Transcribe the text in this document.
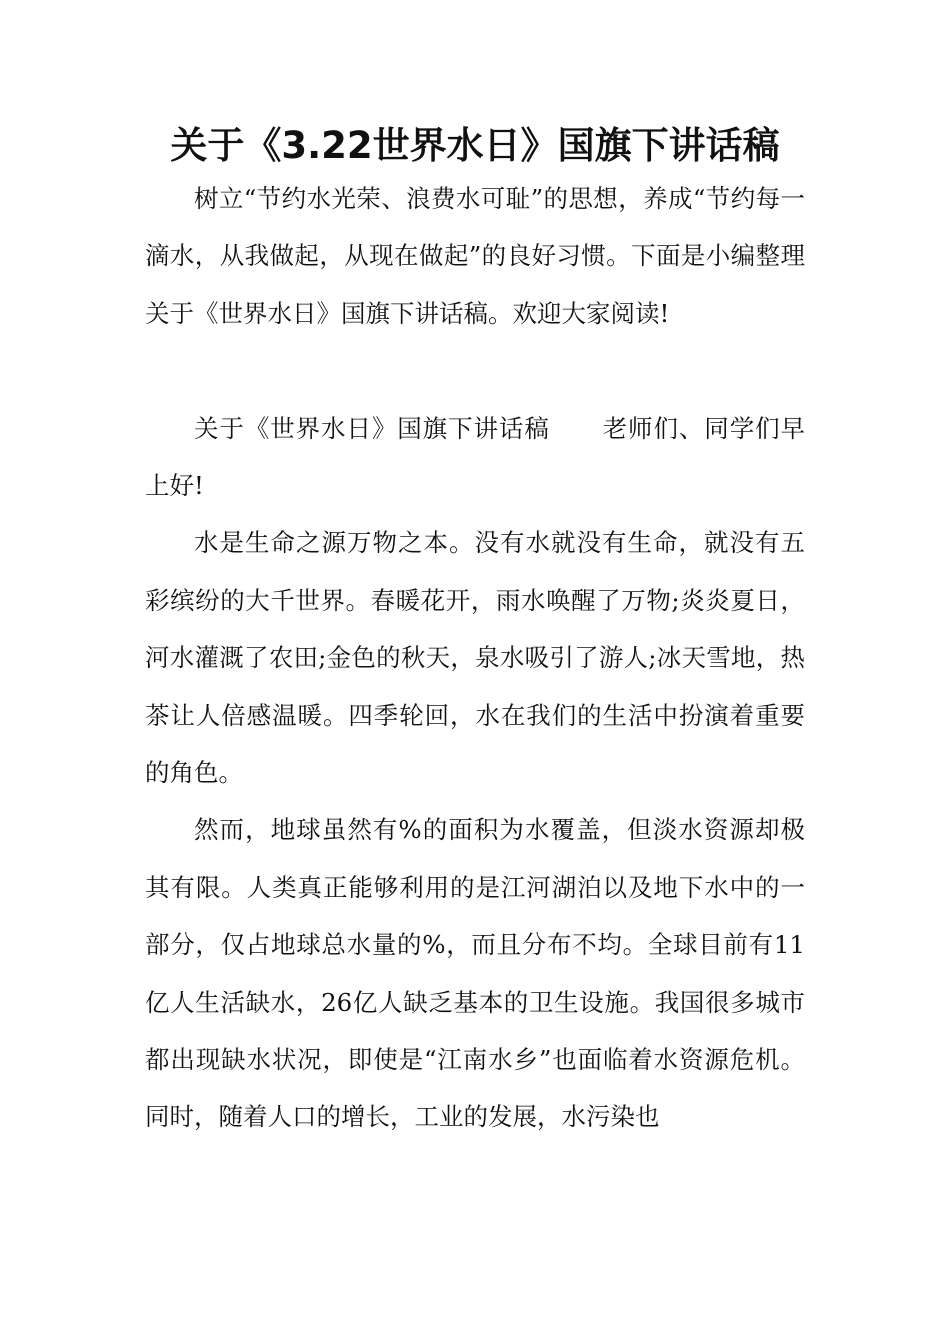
关于《3.22世界水日》国旗下讲话稿

树立“节约水光荣、浪费水可耻”的思想，养成“节约每一滴水，从我做起，从现在做起”的良好习惯。下面是小编整理关于《世界水日》国旗下讲话稿。欢迎大家阅读!

关于《世界水日》国旗下讲话稿 老师们、同学们早上好!

水是生命之源万物之本。没有水就没有生命，就没有五彩缤纷的大千世界。春暖花开，雨水唤醒了万物;炎炎夏日，河水灌溉了农田;金色的秋天，泉水吸引了游人;冰天雪地，热茶让人倍感温暖。四季轮回，水在我们的生活中扮演着重要的角色。

然而，地球虽然有%的面积为水覆盖，但淡水资源却极其有限。人类真正能够利用的是江河湖泊以及地下水中的一部分，仅占地球总水量的%，而且分布不均。全球目前有11亿人生活缺水，26亿人缺乏基本的卫生设施。我国很多城市都出现缺水状况，即使是“江南水乡”也面临着水资源危机。同时，随着人口的增长，工业的发展，水污染也
